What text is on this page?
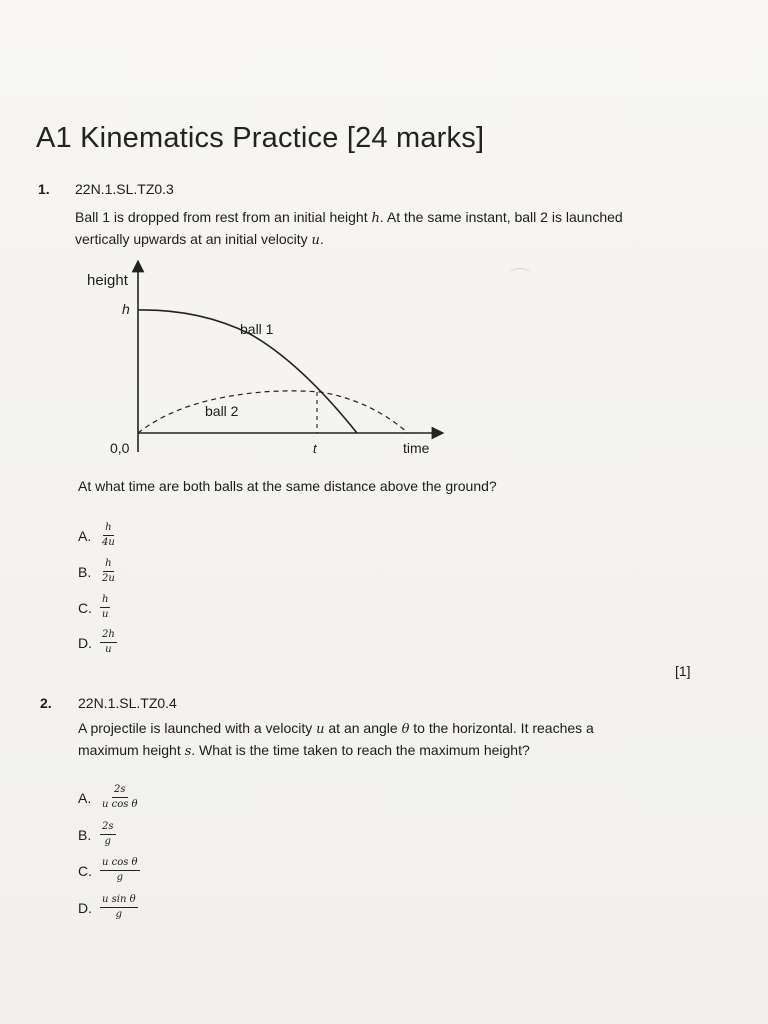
A1 Kinematics Practice [24 marks]
1. 22N.1.SL.TZ0.3
Ball 1 is dropped from rest from an initial height h. At the same instant, ball 2 is launched
vertically upwards at an initial velocity u.
height
h
0,0	t	time
ball 1
ball 2
At what time are both balls at the same distance above the ground?
A. $\frac{h}{4u}$
B. $\frac{h}{2u}$
C. $\frac{h}{u}$
D. $\frac{2h}{u}$
[1]
2. 22N.1.SL.TZ0.4
A projectile is launched with a velocity u at an angle θ to the horizontal. It reaches a
maximum height s. What is the time taken to reach the maximum height?
A. $\frac{2s}{\text{u cos θ}}$
B. $\frac{2s}{g}$
C. $\frac{\text{u cos θ}}{g}$
D. $\frac{\text{u sin θ}}{g}$
⌒
